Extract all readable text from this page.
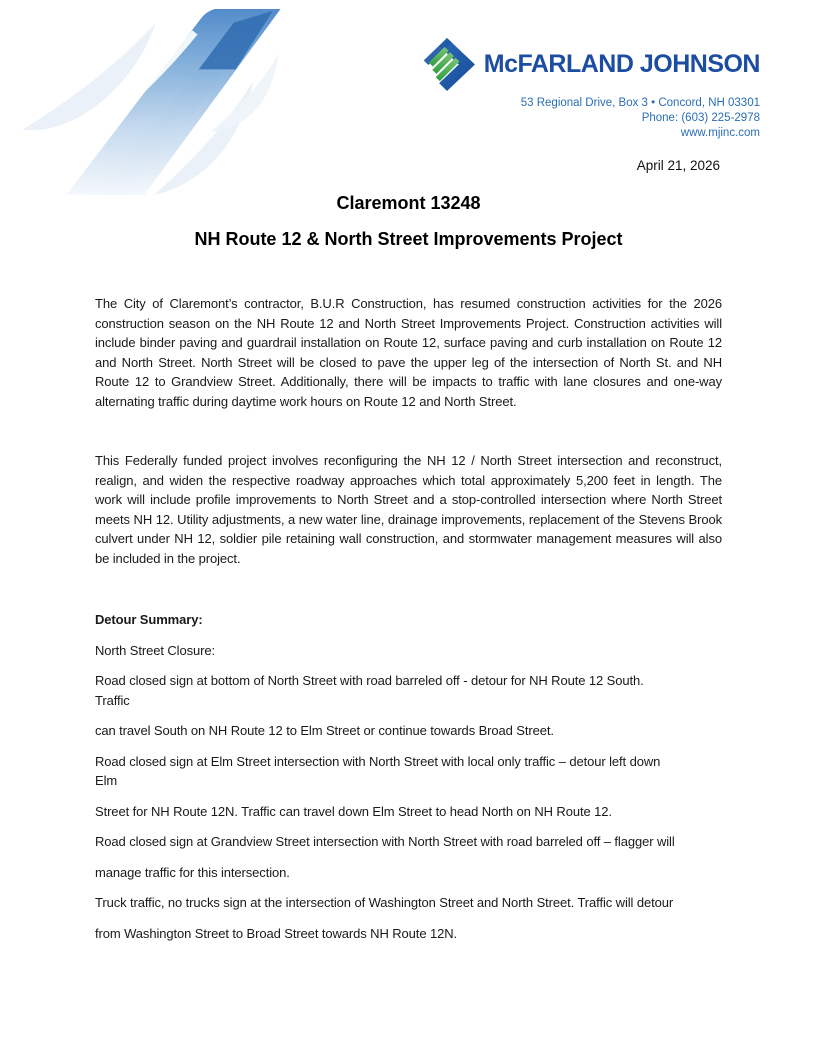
McFARLAND JOHNSON
53 Regional Drive, Box 3 • Concord, NH 03301
Phone: (603) 225-2978
www.mjinc.com
April 21, 2026
Claremont 13248
NH Route 12 & North Street Improvements Project

The City of Claremont’s contractor, B.U.R Construction, has resumed construction activities for the 2026 construction season on the NH Route 12 and North Street Improvements Project. Construction activities will include binder paving and guardrail installation on Route 12, surface paving and curb installation on Route 12 and North Street. North Street will be closed to pave the upper leg of the intersection of North St. and NH Route 12 to Grandview Street. Additionally, there will be impacts to traffic with lane closures and one-way alternating traffic during daytime work hours on Route 12 and North Street.

This Federally funded project involves reconfiguring the NH 12 / North Street intersection and reconstruct, realign, and widen the respective roadway approaches which total approximately 5,200 feet in length. The work will include profile improvements to North Street and a stop-controlled intersection where North Street meets NH 12. Utility adjustments, a new water line, drainage improvements, replacement of the Stevens Brook culvert under NH 12, soldier pile retaining wall construction, and stormwater management measures will also be included in the project.

Detour Summary:
North Street Closure:
Road closed sign at bottom of North Street with road barreled off - detour for NH Route 12 South.
Traffic
can travel South on NH Route 12 to Elm Street or continue towards Broad Street.
Road closed sign at Elm Street intersection with North Street with local only traffic – detour left down
Elm
Street for NH Route 12N. Traffic can travel down Elm Street to head North on NH Route 12.
Road closed sign at Grandview Street intersection with North Street with road barreled off – flagger will
manage traffic for this intersection.
Truck traffic, no trucks sign at the intersection of Washington Street and North Street. Traffic will detour
from Washington Street to Broad Street towards NH Route 12N.
